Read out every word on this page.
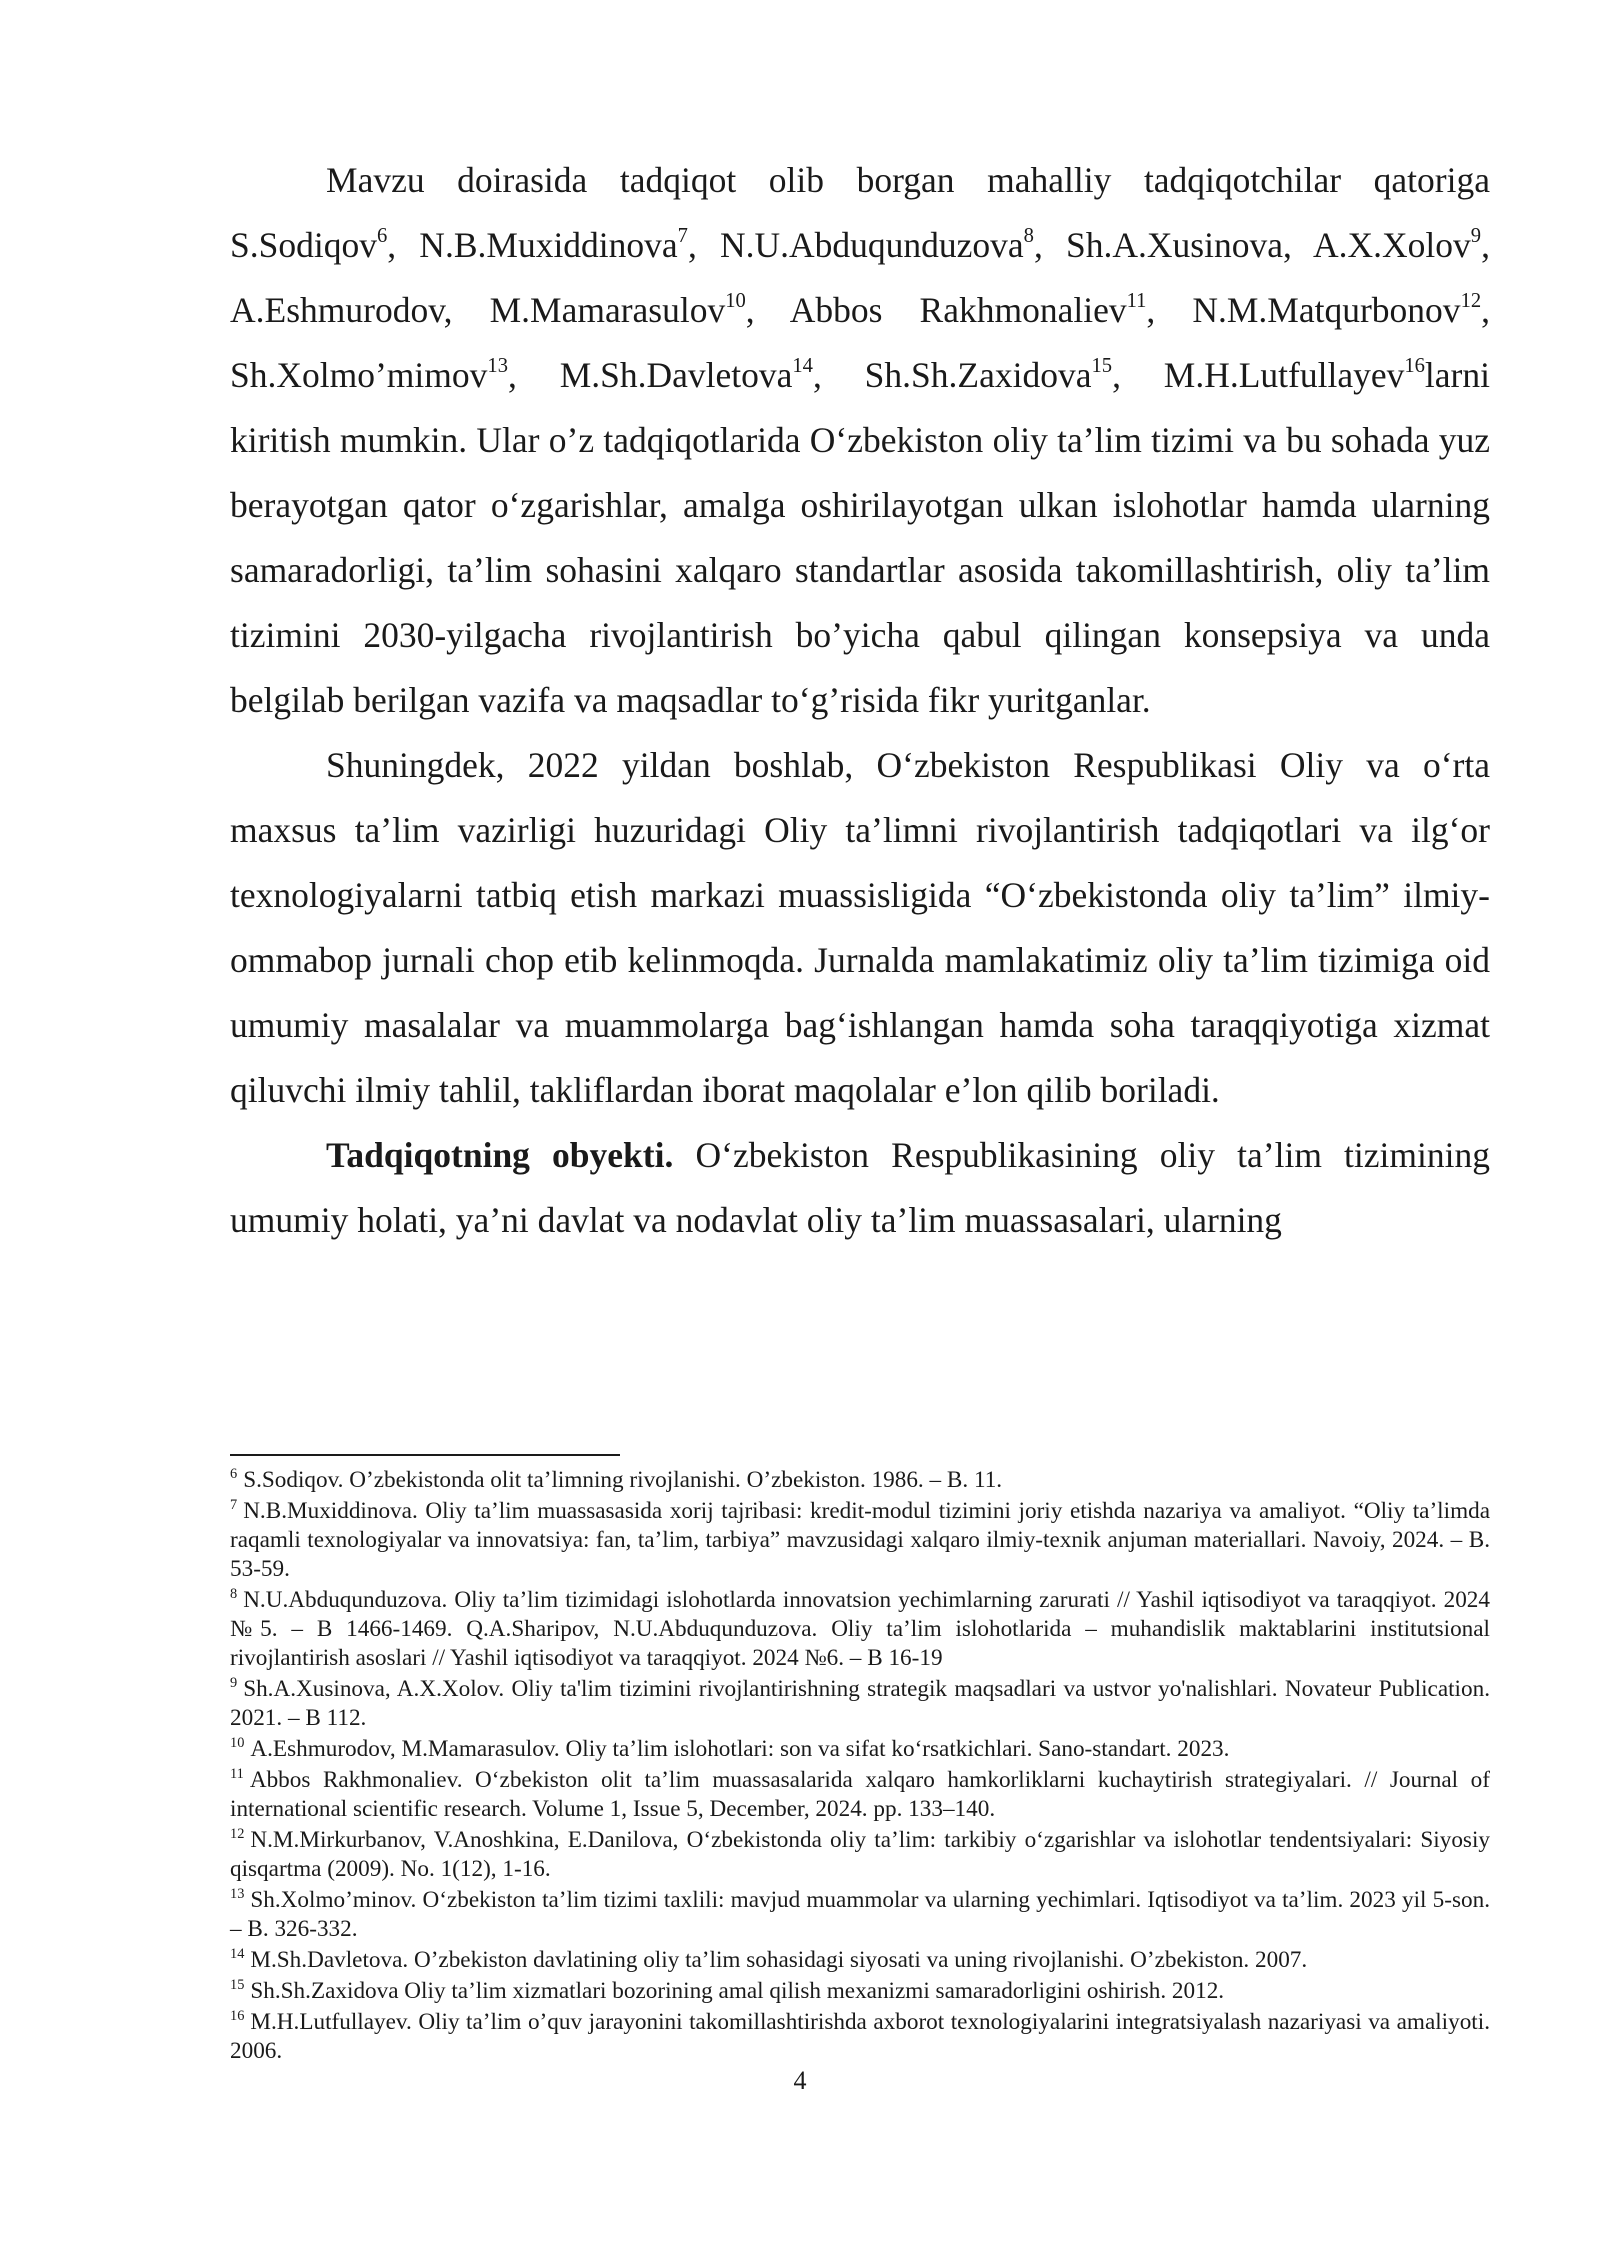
Mavzu doirasida tadqiqot olib borgan mahalliy tadqiqotchilar qatoriga S.Sodiqov$^6$, N.B.Muxiddinova$^7$, N.U.Abduqunduzova$^8$, Sh.A.Xusinova, A.X.Xolov$^9$, A.Eshmurodov, M.Mamarasulov$^{10}$, Abbos Rakhmonaliev$^{11}$, N.M.Matqurbonov$^{12}$, Sh.Xolmo’mimov$^{13}$, M.Sh.Davletova$^{14}$, Sh.Sh.Zaxidova$^{15}$, M.H.Lutfullayev$^{16}$larni kiritish mumkin. Ular o’z tadqiqotlarida O‘zbekiston oliy ta’lim tizimi va bu sohada yuz berayotgan qator o‘zgarishlar, amalga oshirilayotgan ulkan islohotlar hamda ularning samaradorligi, ta’lim sohasini xalqaro standartlar asosida takomillashtirish, oliy ta’lim tizimini 2030-yilgacha rivojlantirish bo’yicha qabul qilingan konsepsiya va unda belgilab berilgan vazifa va maqsadlar to‘g’risida fikr yuritganlar.

Shuningdek, 2022 yildan boshlab, O‘zbekiston Respublikasi Oliy va o‘rta maxsus ta’lim vazirligi huzuridagi Oliy ta’limni rivojlantirish tadqiqotlari va ilg‘or texnologiyalarni tatbiq etish markazi muassisligida “O‘zbekistonda oliy ta’lim” ilmiy-ommabop jurnali chop etib kelinmoqda. Jurnalda mamlakatimiz oliy ta’lim tizimiga oid umumiy masalalar va muammolarga bag‘ishlangan hamda soha taraqqiyotiga xizmat qiluvchi ilmiy tahlil, takliflardan iborat maqolalar e’lon qilib boriladi.

Tadqiqotning obyekti. O‘zbekiston Respublikasining oliy ta’lim tizimining umumiy holati, ya’ni davlat va nodavlat oliy ta’lim muassasalari, ularning

$^6$ S.Sodiqov. O’zbekistonda olit ta’limning rivojlanishi. O’zbekiston. 1986. – B. 11.

$^7$ N.B.Muxiddinova. Oliy ta’lim muassasasida xorij tajribasi: kredit-modul tizimini joriy etishda nazariya va amaliyot. “Oliy ta’limda raqamli texnologiyalar va innovatsiya: fan, ta’lim, tarbiya” mavzusidagi xalqaro ilmiy-texnik anjuman materiallari. Navoiy, 2024. – B. 53-59.

$^8$ N.U.Abduqunduzova. Oliy ta’lim tizimidagi islohotlarda innovatsion yechimlarning zarurati // Yashil iqtisodiyot va taraqqiyot. 2024 №5. – B 1466-1469. Q.A.Sharipov, N.U.Abduqunduzova. Oliy ta’lim islohotlarida – muhandislik maktablarini institutsional rivojlantirish asoslari // Yashil iqtisodiyot va taraqqiyot. 2024 №6. – B 16-19

$^9$ Sh.A.Xusinova, A.X.Xolov. Oliy ta'lim tizimini rivojlantirishning strategik maqsadlari va ustvor yo'nalishlari. Novateur Publication. 2021. – B 112.

$^{10}$ A.Eshmurodov, M.Mamarasulov. Oliy ta’lim islohotlari: son va sifat ko‘rsatkichlari. Sano-standart. 2023.

$^{11}$ Abbos Rakhmonaliev. O‘zbekiston olit ta’lim muassasalarida xalqaro hamkorliklarni kuchaytirish strategiyalari. // Journal of international scientific research. Volume 1, Issue 5, December, 2024. pp. 133–140.

$^{12}$ N.M.Mirkurbanov, V.Anoshkina, E.Danilova, O‘zbekistonda oliy ta’lim: tarkibiy o‘zgarishlar va islohotlar tendentsiyalari: Siyosiy qisqartma (2009). No. 1(12), 1-16.

$^{13}$ Sh.Xolmo’minov. O‘zbekiston ta’lim tizimi taxlili: mavjud muammolar va ularning yechimlari. Iqtisodiyot va ta’lim. 2023 yil 5-son. – B. 326-332.

$^{14}$ M.Sh.Davletova. O’zbekiston davlatining oliy ta’lim sohasidagi siyosati va uning rivojlanishi. O’zbekiston. 2007.

$^{15}$ Sh.Sh.Zaxidova Oliy ta’lim xizmatlari bozorining amal qilish mexanizmi samaradorligini oshirish. 2012.

$^{16}$ M.H.Lutfullayev. Oliy ta’lim o’quv jarayonini takomillashtirishda axborot texnologiyalarini integratsiyalash nazariyasi va amaliyoti. 2006.

4
